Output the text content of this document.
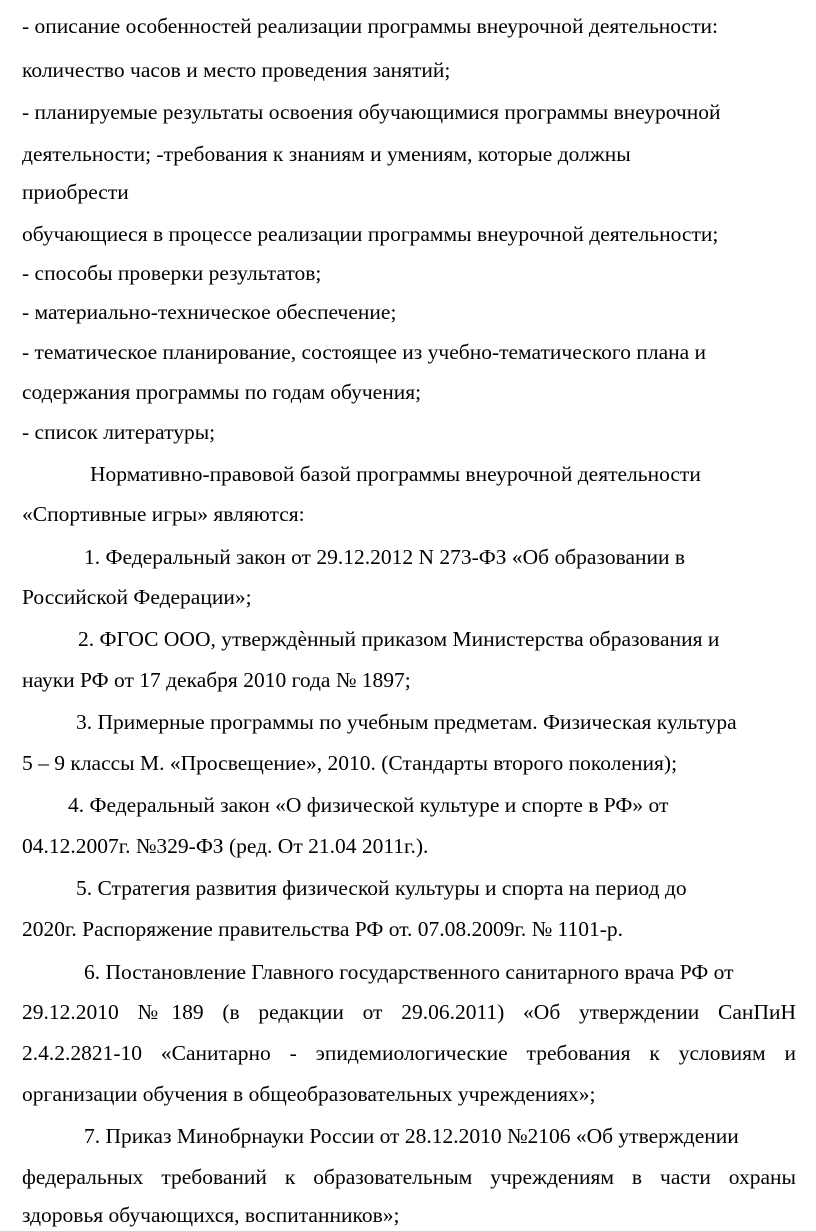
- описание особенностей реализации программы внеурочной деятельности:

количество часов и место проведения занятий;

- планируемые результаты освоения обучающимися программы внеурочной

деятельности; -требования к знаниям и умениям, которые должны

приобрести

обучающиеся в процессе реализации программы внеурочной деятельности;

- способы проверки результатов;

- материально-техническое обеспечение;

- тематическое планирование, состоящее из учебно-тематического плана и

содержания программы по годам обучения;

- список литературы;

Нормативно-правовой базой программы внеурочной деятельности

«Спортивные игры» являются:

1. Федеральный закон от 29.12.2012 N 273-ФЗ «Об образовании в

Российской Федерации»;

2. ФГОС ООО, утверждѐнный приказом Министерства образования и

науки РФ от 17 декабря 2010 года № 1897;

3. Примерные программы по учебным предметам. Физическая культура

5 – 9 классы М. «Просвещение», 2010. (Стандарты второго поколения);

4. Федеральный закон «О физической культуре и спорте в РФ» от

04.12.2007г. №329-ФЗ (ред. От 21.04 2011г.).

5. Стратегия развития физической культуры и спорта на период до

2020г. Распоряжение правительства РФ от. 07.08.2009г. № 1101-р.

6. Постановление Главного государственного санитарного врача РФ от

29.12.2010 №189 (в редакции от 29.06.2011) «Об утверждении СанПиН

2.4.2.2821-10 «Санитарно - эпидемиологические требования к условиям и

организации обучения в общеобразовательных учреждениях»;

7. Приказ Минобрнауки России от 28.12.2010 №2106 «Об утверждении

федеральных требований к образовательным учреждениям в части охраны

здоровья обучающихся, воспитанников»;
